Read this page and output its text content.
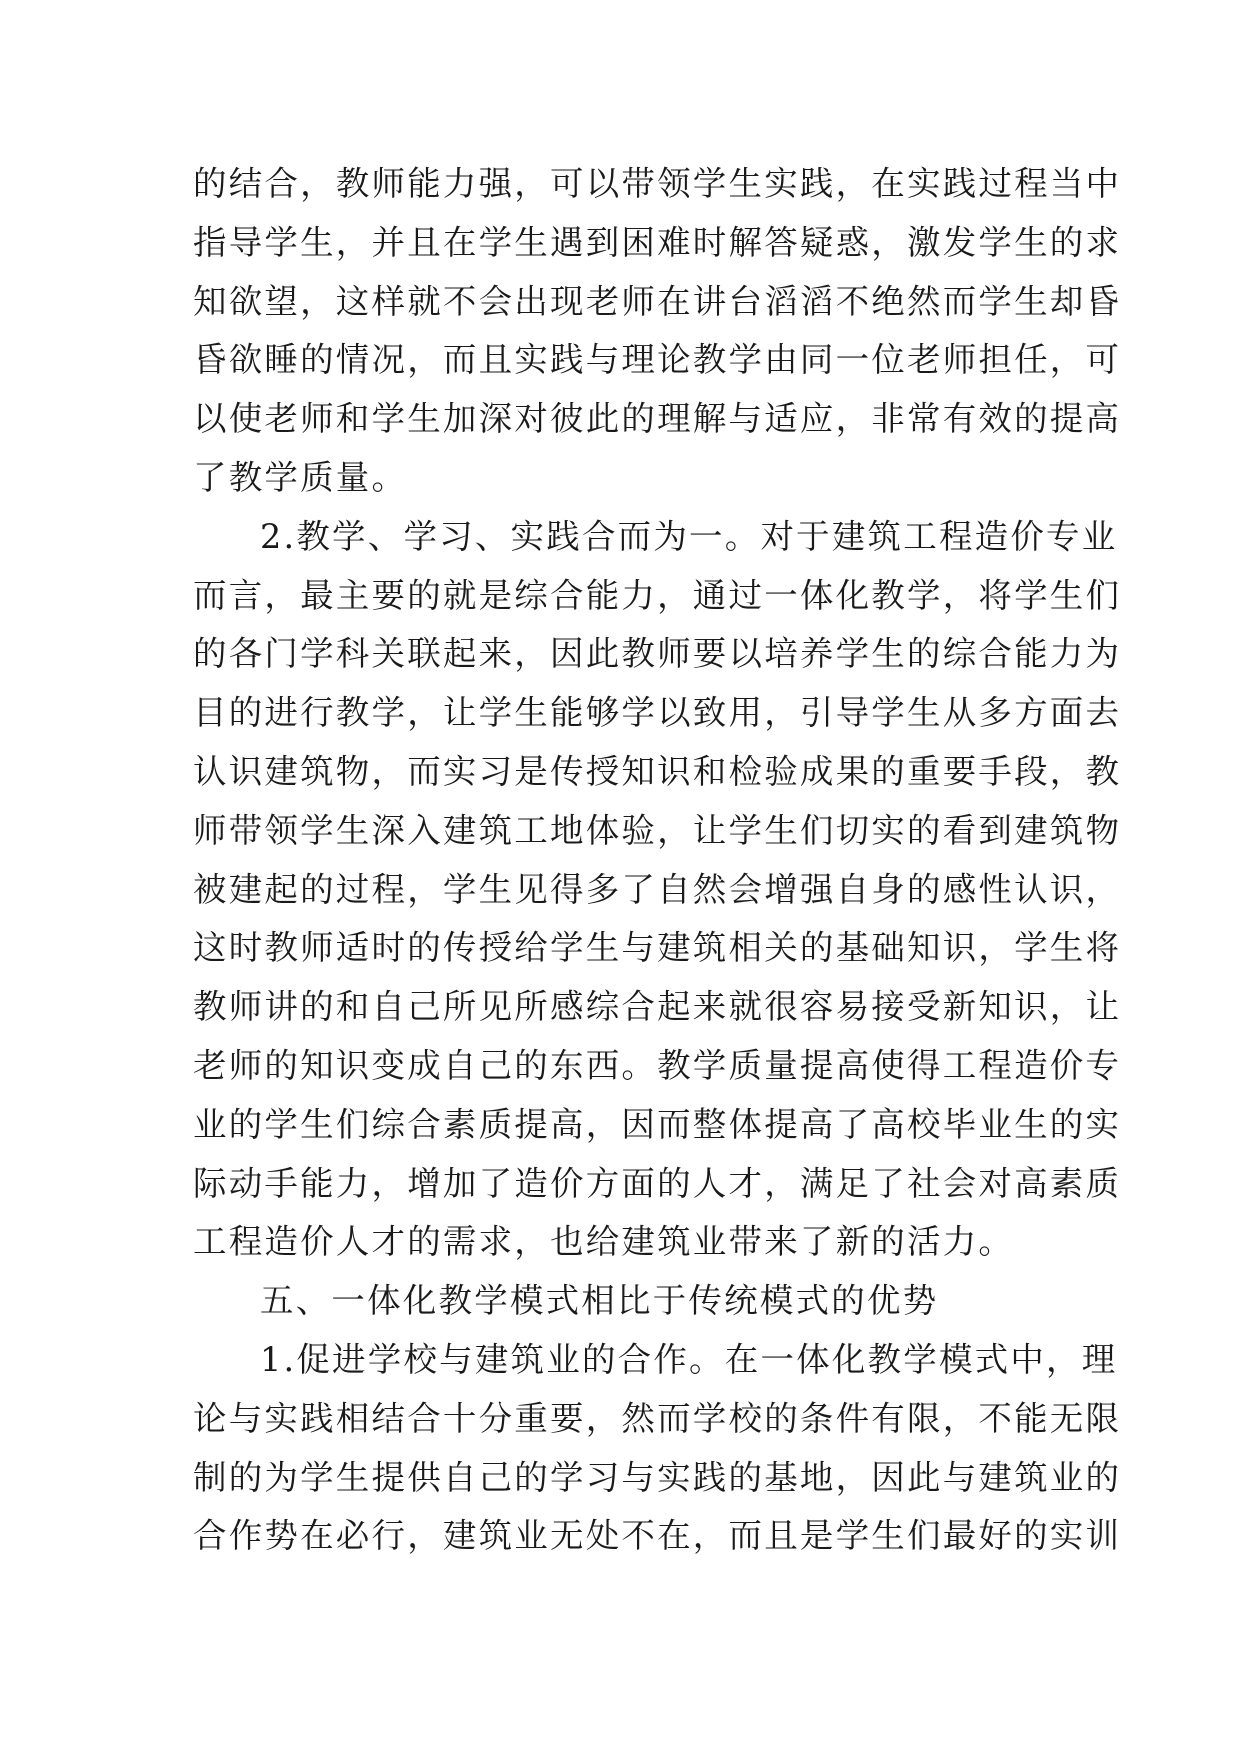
的结合，教师能力强，可以带领学生实践，在实践过程当中
指导学生，并且在学生遇到困难时解答疑惑，激发学生的求
知欲望，这样就不会出现老师在讲台滔滔不绝然而学生却昏
昏欲睡的情况，而且实践与理论教学由同一位老师担任，可
以使老师和学生加深对彼此的理解与适应，非常有效的提高
了教学质量。
2.教学、学习、实践合而为一。对于建筑工程造价专业
而言，最主要的就是综合能力，通过一体化教学，将学生们
的各门学科关联起来，因此教师要以培养学生的综合能力为
目的进行教学，让学生能够学以致用，引导学生从多方面去
认识建筑物，而实习是传授知识和检验成果的重要手段，教
师带领学生深入建筑工地体验，让学生们切实的看到建筑物
被建起的过程，学生见得多了自然会增强自身的感性认识，
这时教师适时的传授给学生与建筑相关的基础知识，学生将
教师讲的和自己所见所感综合起来就很容易接受新知识，让
老师的知识变成自己的东西。教学质量提高使得工程造价专
业的学生们综合素质提高，因而整体提高了高校毕业生的实
际动手能力，增加了造价方面的人才，满足了社会对高素质
工程造价人才的需求，也给建筑业带来了新的活力。
五、一体化教学模式相比于传统模式的优势
1.促进学校与建筑业的合作。在一体化教学模式中，理
论与实践相结合十分重要，然而学校的条件有限，不能无限
制的为学生提供自己的学习与实践的基地，因此与建筑业的
合作势在必行，建筑业无处不在，而且是学生们最好的实训
